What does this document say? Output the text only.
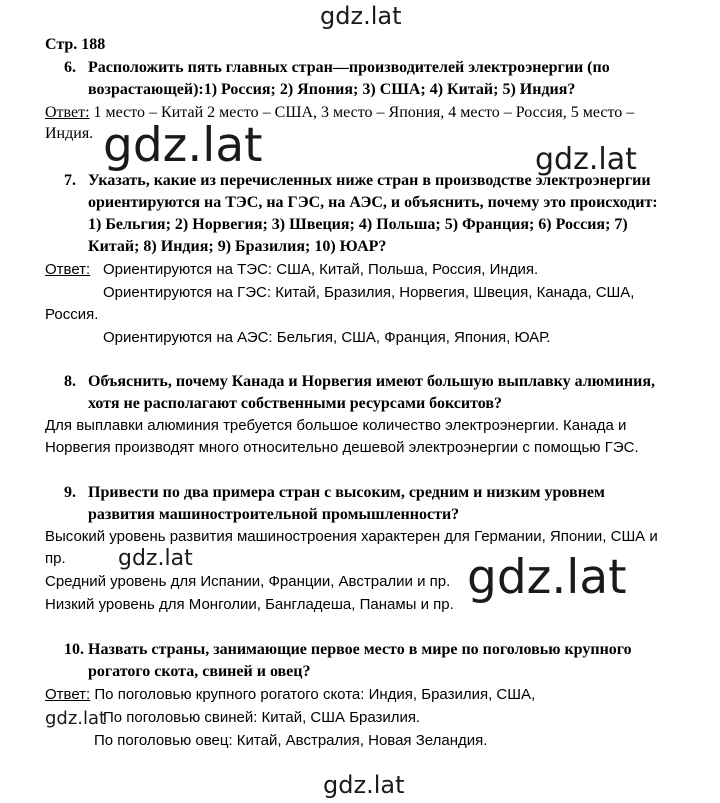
gdz.lat
gdz.lat	gdz.lat
gdz.lat	gdz.lat
gdz.lat
gdz.lat
Стр. 188
6. Расположить пять главных стран—производителей электроэнергии (по
возрастающей):1) Россия; 2) Япония; 3) США; 4) Китай; 5) Индия?
Ответ: 1 место – Китай 2 место – США, 3 место – Япония, 4 место – Россия, 5 место –
Индия.
7. Указать, какие из перечисленных ниже стран в производстве электроэнергии
ориентируются на ТЭС, на ГЭС, на АЭС, и объяснить, почему это происходит:
1) Бельгия; 2) Норвегия; 3) Швеция; 4) Польша; 5) Франция; 6) Россия; 7)
Китай; 8) Индия; 9) Бразилия; 10) ЮАР?
Ответ: Ориентируются на ТЭС: США, Китай, Польша, Россия, Индия.
Ориентируются на ГЭС: Китай, Бразилия, Норвегия, Швеция, Канада, США,
Россия.
Ориентируются на АЭС: Бельгия, США, Франция, Япония, ЮАР.
8. Объяснить, почему Канада и Норвегия имеют большую выплавку алюминия,
хотя не располагают собственными ресурсами бокситов?
Для выплавки алюминия требуется большое количество электроэнергии. Канада и
Норвегия производят много относительно дешевой электроэнергии с помощью ГЭС.
9. Привести по два примера стран с высоким, средним и низким уровнем
развития машиностроительной промышленности?
Высокий уровень развития машиностроения характерен для Германии, Японии, США и
пр.
Средний уровень для Испании, Франции, Австралии и пр.
Низкий уровень для Монголии, Бангладеша, Панамы и пр.
10. Назвать страны, занимающие первое место в мире по поголовью крупного
рогатого скота, свиней и овец?
Ответ: По поголовью крупного рогатого скота: Индия, Бразилия, США,
По поголовью свиней: Китай, США Бразилия.
По поголовью овец: Китай, Австралия, Новая Зеландия.
